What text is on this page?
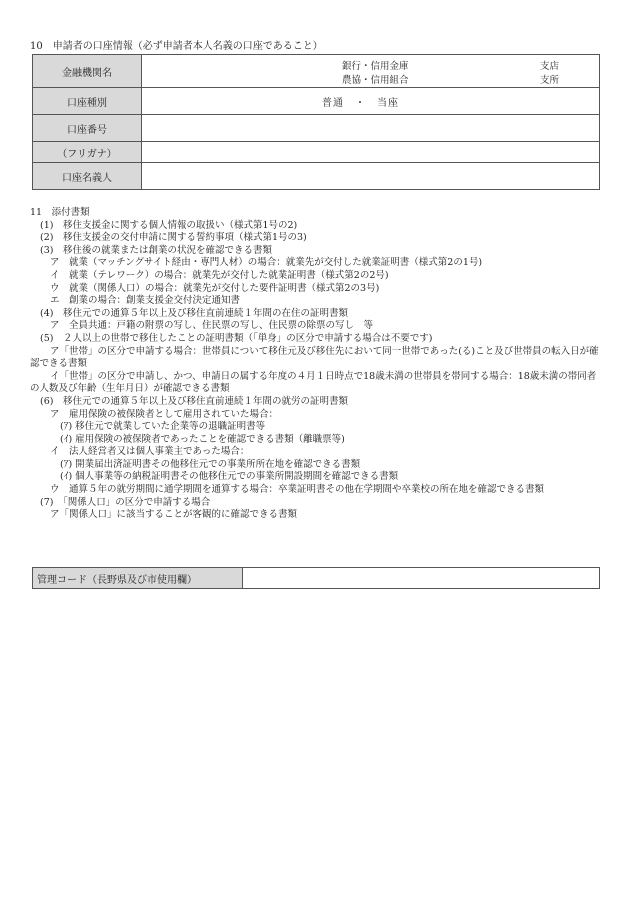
10　申請者の口座情報（必ず申請者本人名義の口座であること）
金融機関名	銀行・信用金庫 支店
農協・信用組合 支所

口座種別	普通　・　当座
口座番号	
（フリガナ）	
口座名義人	
11　添付書類
(1)　移住支援金に関する個人情報の取扱い（様式第1号の2)
(2)　移住支援金の交付申請に関する誓約事項（様式第1号の3)
(3)　移住後の就業または創業の状況を確認できる書類
ア　就業（マッチングサイト経由・専門人材）の場合：就業先が交付した就業証明書（様式第2の1号)
イ　就業（テレワーク）の場合：就業先が交付した就業証明書（様式第2の2号)
ウ　就業（関係人口）の場合：就業先が交付した要件証明書（様式第2の3号)
エ　創業の場合：創業支援金交付決定通知書
(4)　移住元での通算５年以上及び移住直前連続１年間の在住の証明書類
ア　全員共通：戸籍の附票の写し、住民票の写し、住民票の除票の写し　等
(5)　２人以上の世帯で移住したことの証明書類（「単身」の区分で申請する場合は不要です)
ア「世帯」の区分で申請する場合：世帯員について移住元及び移住先において同一世帯であった(る)こと及び世帯員の転入日が確認できる書類
イ「世帯」の区分で申請し、かつ、申請日の属する年度の４月１日時点で18歳未満の世帯員を帯同する場合：18歳未満の帯同者の人数及び年齢（生年月日）が確認できる書類
(6)　移住元での通算５年以上及び移住直前連続１年間の就労の証明書類
ア　雇用保険の被保険者として雇用されていた場合：
(ｱ) 移住元で就業していた企業等の退職証明書等
(ｲ) 雇用保険の被保険者であったことを確認できる書類（離職票等)
イ　法人経営者又は個人事業主であった場合：
(ｱ) 開業届出済証明書その他移住元での事業所所在地を確認できる書類
(ｲ) 個人事業等の納税証明書その他移住元での事業所開設期間を確認できる書類
ウ　通算５年の就労期間に通学期間を通算する場合：卒業証明書その他在学期間や卒業校の所在地を確認できる書類
(7)　「関係人口」の区分で申請する場合
ア「関係人口」に該当することが客観的に確認できる書類
管理コード（長野県及び市使用欄）	
